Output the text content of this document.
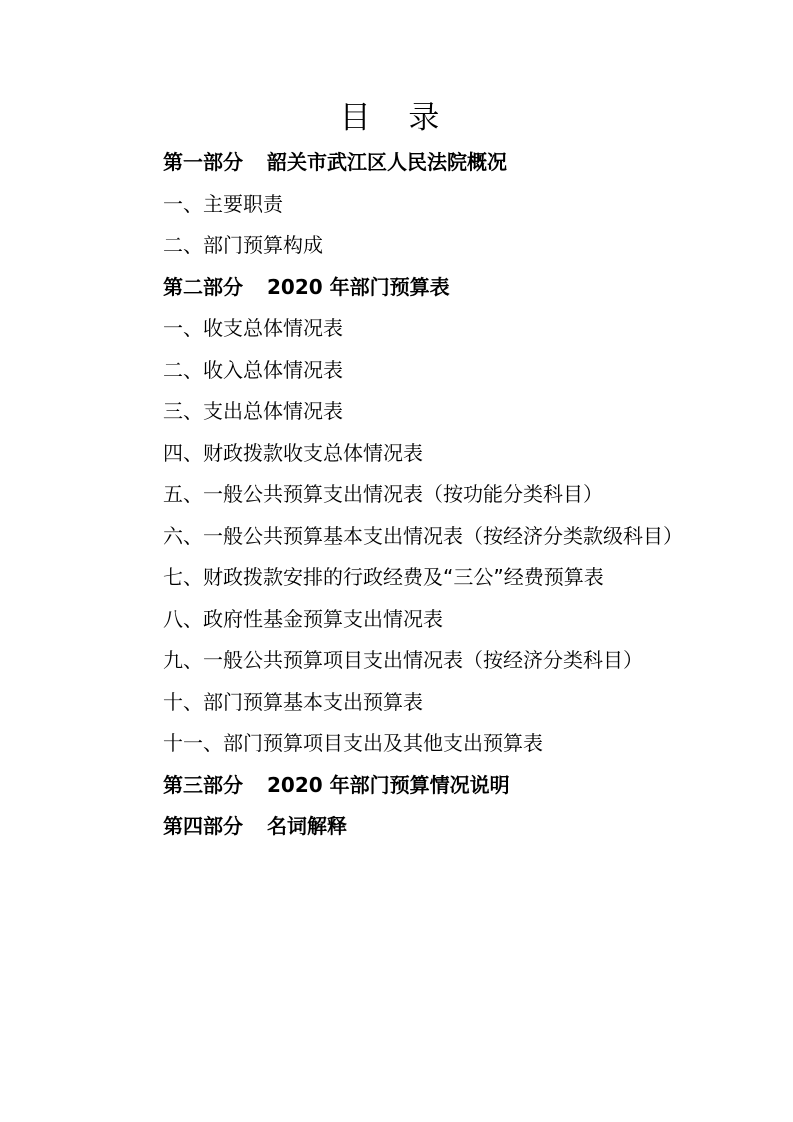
目 录
第一部分 韶关市武江区人民法院概况
一、主要职责
二、部门预算构成
第二部分 2020 年部门预算表
一、收支总体情况表
二、收入总体情况表
三、支出总体情况表
四、财政拨款收支总体情况表
五、一般公共预算支出情况表（按功能分类科目）
六、一般公共预算基本支出情况表（按经济分类款级科目）
七、财政拨款安排的行政经费及“三公”经费预算表
八、政府性基金预算支出情况表
九、一般公共预算项目支出情况表（按经济分类科目）
十、部门预算基本支出预算表
十一、部门预算项目支出及其他支出预算表
第三部分 2020 年部门预算情况说明
第四部分 名词解释
